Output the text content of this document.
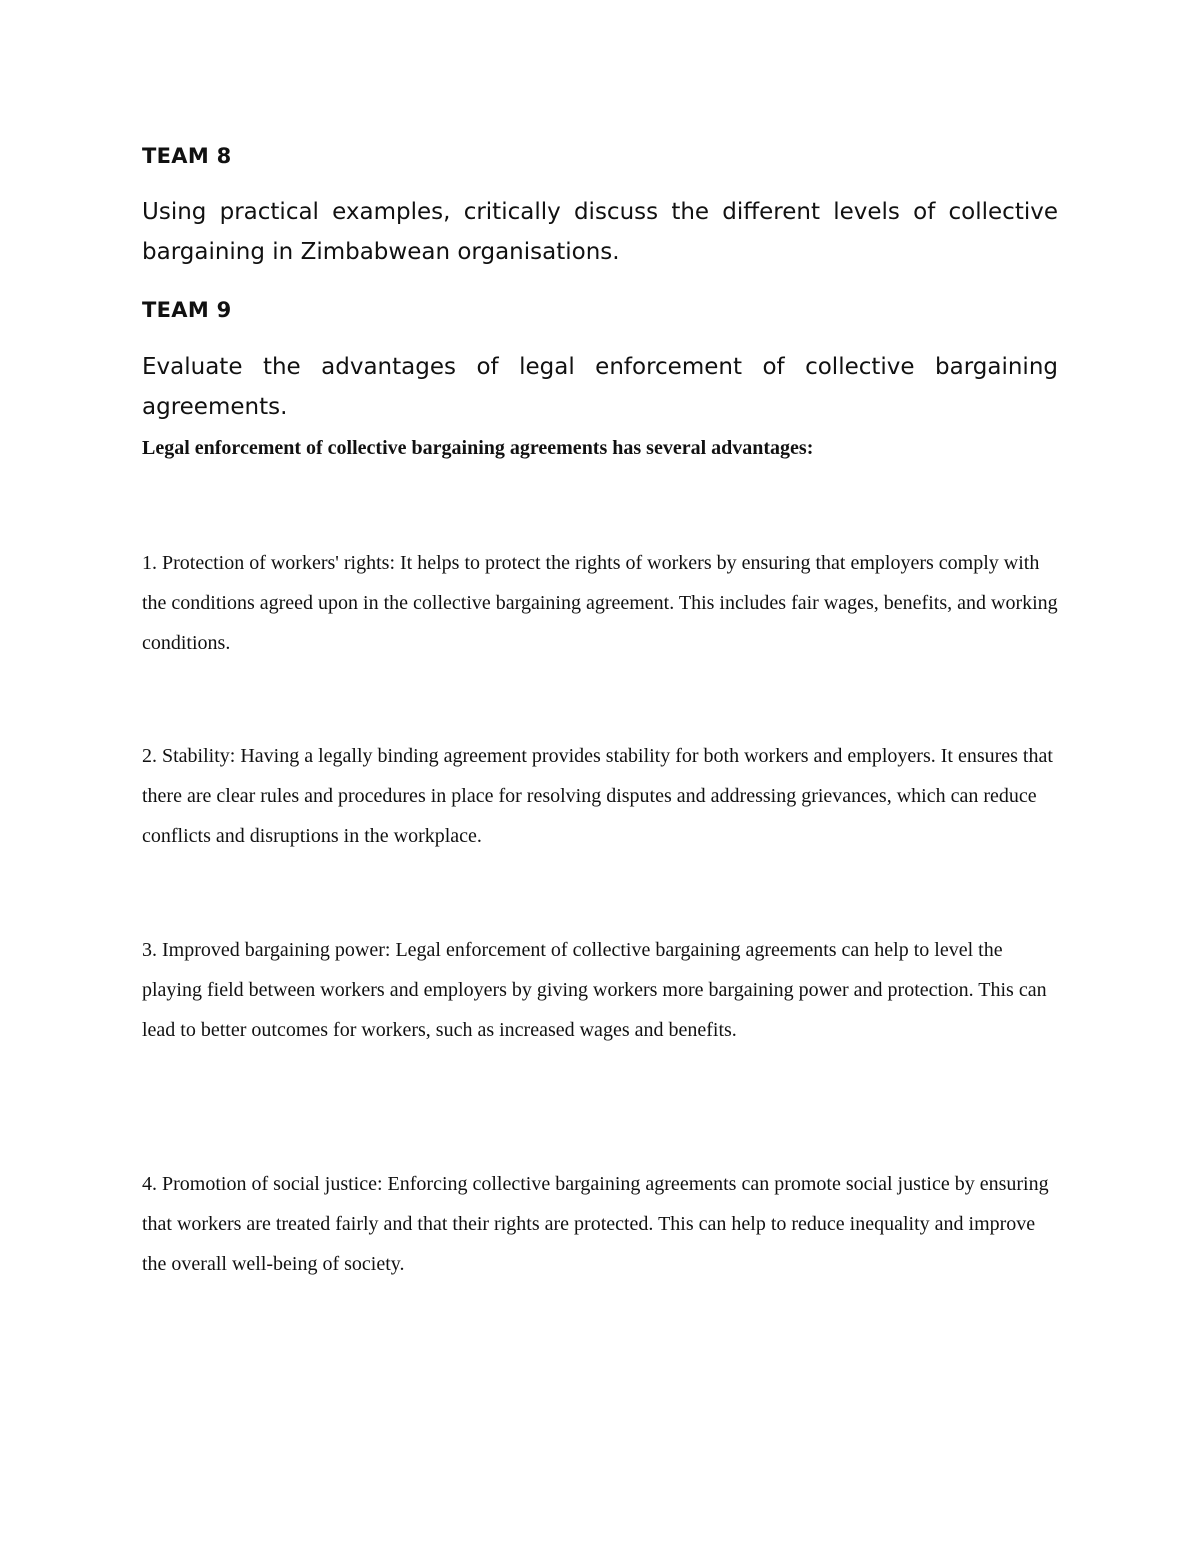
TEAM 8

Using practical examples, critically discuss the different levels of collective bargaining in Zimbabwean organisations.

TEAM 9

Evaluate the advantages of legal enforcement of collective bargaining agreements.

Legal enforcement of collective bargaining agreements has several advantages:

1. Protection of workers' rights: It helps to protect the rights of workers by ensuring that employers comply with the conditions agreed upon in the collective bargaining agreement. This includes fair wages, benefits, and working conditions.

2. Stability: Having a legally binding agreement provides stability for both workers and employers. It ensures that there are clear rules and procedures in place for resolving disputes and addressing grievances, which can reduce conflicts and disruptions in the workplace.

3. Improved bargaining power: Legal enforcement of collective bargaining agreements can help to level the playing field between workers and employers by giving workers more bargaining power and protection. This can lead to better outcomes for workers, such as increased wages and benefits.

4. Promotion of social justice: Enforcing collective bargaining agreements can promote social justice by ensuring that workers are treated fairly and that their rights are protected. This can help to reduce inequality and improve the overall well-being of society.
